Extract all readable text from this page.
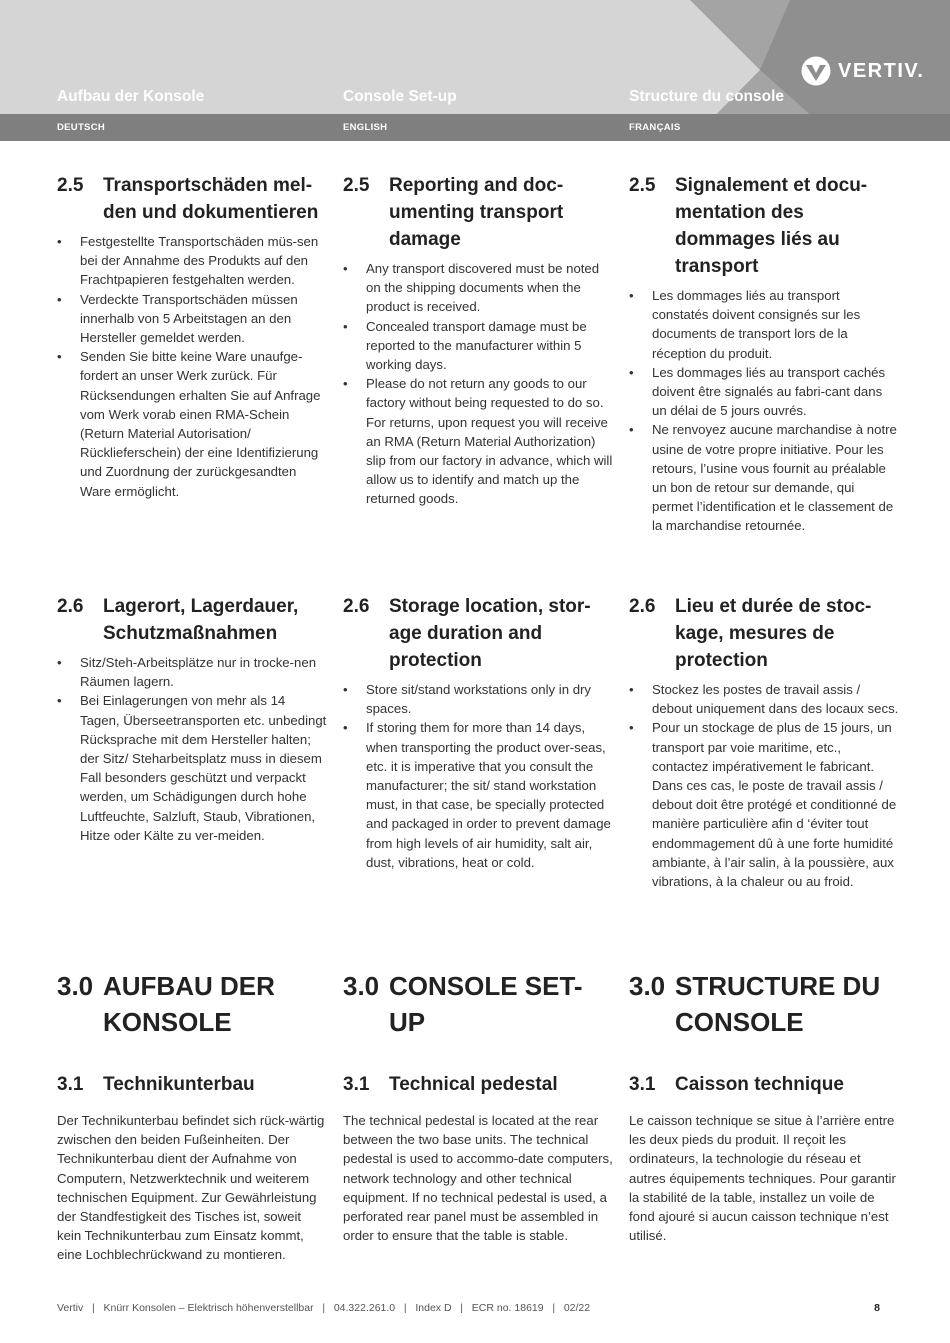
VERTIV.
Aufbau der Konsole	Console Set-up	Structure du console
DEUTSCH	ENGLISH	FRANÇAIS
2.5	Transportschäden mel-den und dokumentieren
• Festgestellte Transportschäden müs-sen bei der Annahme des Produkts auf den Frachtpapieren festgehalten werden.
• Verdeckte Transportschäden müssen innerhalb von 5 Arbeitstagen an den Hersteller gemeldet werden.
• Senden Sie bitte keine Ware unaufge-fordert an unser Werk zurück. Für Rücksendungen erhalten Sie auf Anfrage vom Werk vorab einen RMA-Schein (Return Material Autorisation/ Rücklieferschein) der eine Identifizierung und Zuordnung der zurückgesandten Ware ermöglicht.
2.6	Lagerort, Lagerdauer, Schutzmaßnahmen
• Sitz/Steh-Arbeitsplätze nur in trocke-nen Räumen lagern.
• Bei Einlagerungen von mehr als 14 Tagen, Überseetransporten etc. unbedingt Rücksprache mit dem Hersteller halten; der Sitz/ Steharbeitsplatz muss in diesem Fall besonders geschützt und verpackt werden, um Schädigungen durch hohe Luftfeuchte, Salzluft, Staub, Vibrationen, Hitze oder Kälte zu ver-meiden.
3.0 AUFBAU DER KONSOLE
3.1	Technikunterbau
Der Technikunterbau befindet sich rück-wärtig zwischen den beiden Fußeinheiten. Der Technikunterbau dient der Aufnahme von Computern, Netzwerktechnik und weiterem technischen Equipment. Zur Gewährleistung der Standfestigkeit des Tisches ist, soweit kein Technikunterbau zum Einsatz kommt, eine Lochblechrückwand zu montieren.
2.5	Reporting and doc-umenting transport damage
• Any transport discovered must be noted on the shipping documents when the product is received.
• Concealed transport damage must be reported to the manufacturer within 5 working days.
• Please do not return any goods to our factory without being requested to do so. For returns, upon request you will receive an RMA (Return Material Authorization) slip from our factory in advance, which will allow us to identify and match up the returned goods.
2.6	Storage location, stor-age duration and protection
• Store sit/stand workstations only in dry spaces.
• If storing them for more than 14 days, when transporting the product over-seas, etc. it is imperative that you consult the manufacturer; the sit/ stand workstation must, in that case, be specially protected and packaged in order to prevent damage from high levels of air humidity, salt air, dust, vibrations, heat or cold.
3.0 CONSOLE SET-UP
3.1	Technical pedestal
The technical pedestal is located at the rear between the two base units. The technical pedestal is used to accommo-date computers, network technology and other technical equipment. If no technical pedestal is used, a perforated rear panel must be assembled in order to ensure that the table is stable.
2.5	Signalement et docu-mentation des dommages liés au transport
• Les dommages liés au transport constatés doivent consignés sur les documents de transport lors de la réception du produit.
• Les dommages liés au transport cachés doivent être signalés au fabri-cant dans un délai de 5 jours ouvrés.
• Ne renvoyez aucune marchandise à notre usine de votre propre initiative. Pour les retours, l’usine vous fournit au préalable un bon de retour sur demande, qui permet l’identification et le classement de la marchandise retournée.
2.6	Lieu et durée de stoc-kage, mesures de protection
• Stockez les postes de travail assis / debout uniquement dans des locaux secs.
• Pour un stockage de plus de 15 jours, un transport par voie maritime, etc., contactez impérativement le fabricant. Dans ces cas, le poste de travail assis / debout doit être protégé et conditionné de manière particulière afin d ‘éviter tout endommagement dû à une forte humidité ambiante, à l’air salin, à la poussière, aux vibrations, à la chaleur ou au froid.
3.0 STRUCTURE DU CONSOLE
3.1	Caisson technique
Le caisson technique se situe à l’arrière entre les deux pieds du produit. Il reçoit les ordinateurs, la technologie du réseau et autres équipements techniques. Pour garantir la stabilité de la table, installez un voile de fond ajouré si aucun caisson technique n’est utilisé.
Vertiv   |   Knürr Konsolen – Elektrisch höhenverstellbar   |   04.322.261.0   |   Index D   |   ECR no. 18619   |   02/22	8
